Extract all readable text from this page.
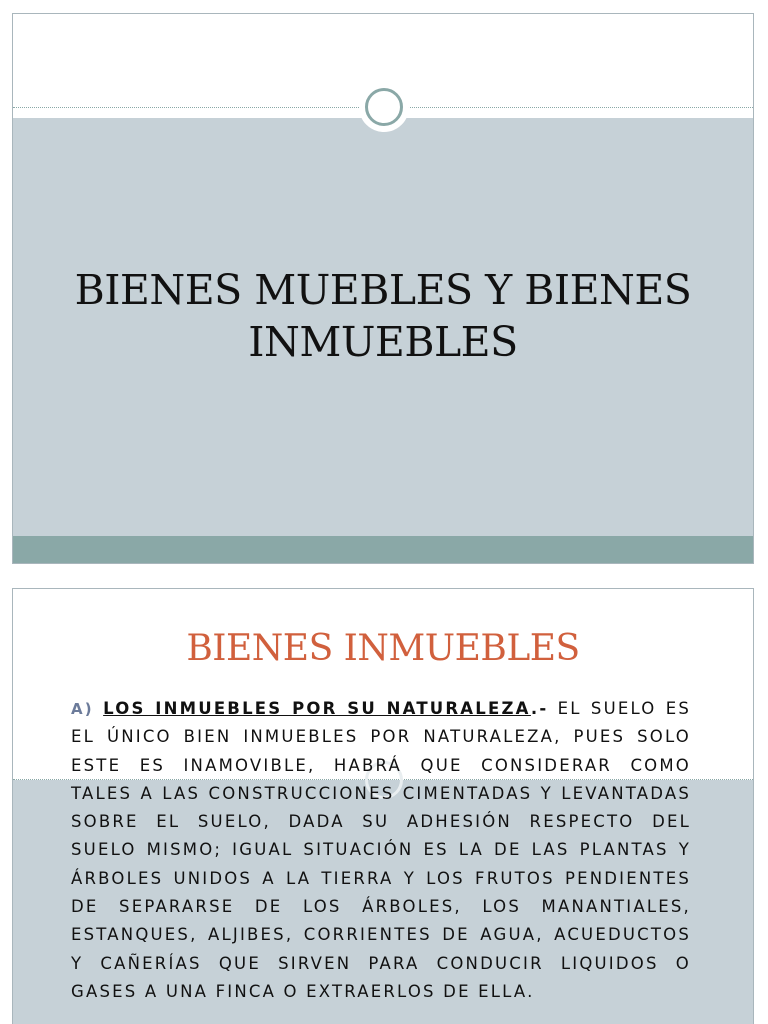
BIENES MUEBLES Y BIENES
INMUEBLES
BIENES INMUEBLES
A) LOS INMUEBLES POR SU NATURALEZA.- EL SUELO ES EL ÚNICO BIEN INMUEBLES POR NATURALEZA, PUES SOLO ESTE ES INAMOVIBLE, HABRÁ QUE CONSIDERAR COMO TALES A LAS CONSTRUCCIONES CIMENTADAS Y LEVANTADAS SOBRE EL SUELO, DADA SU ADHESIÓN RESPECTO DEL SUELO MISMO; IGUAL SITUACIÓN ES LA DE LAS PLANTAS Y ÁRBOLES UNIDOS A LA TIERRA Y LOS FRUTOS PENDIENTES DE SEPARARSE DE LOS ÁRBOLES, LOS MANANTIALES, ESTANQUES, ALJIBES, CORRIENTES DE AGUA, ACUEDUCTOS Y CAÑERÍAS QUE SIRVEN PARA CONDUCIR LIQUIDOS O GASES A UNA FINCA O EXTRAERLOS DE ELLA.
